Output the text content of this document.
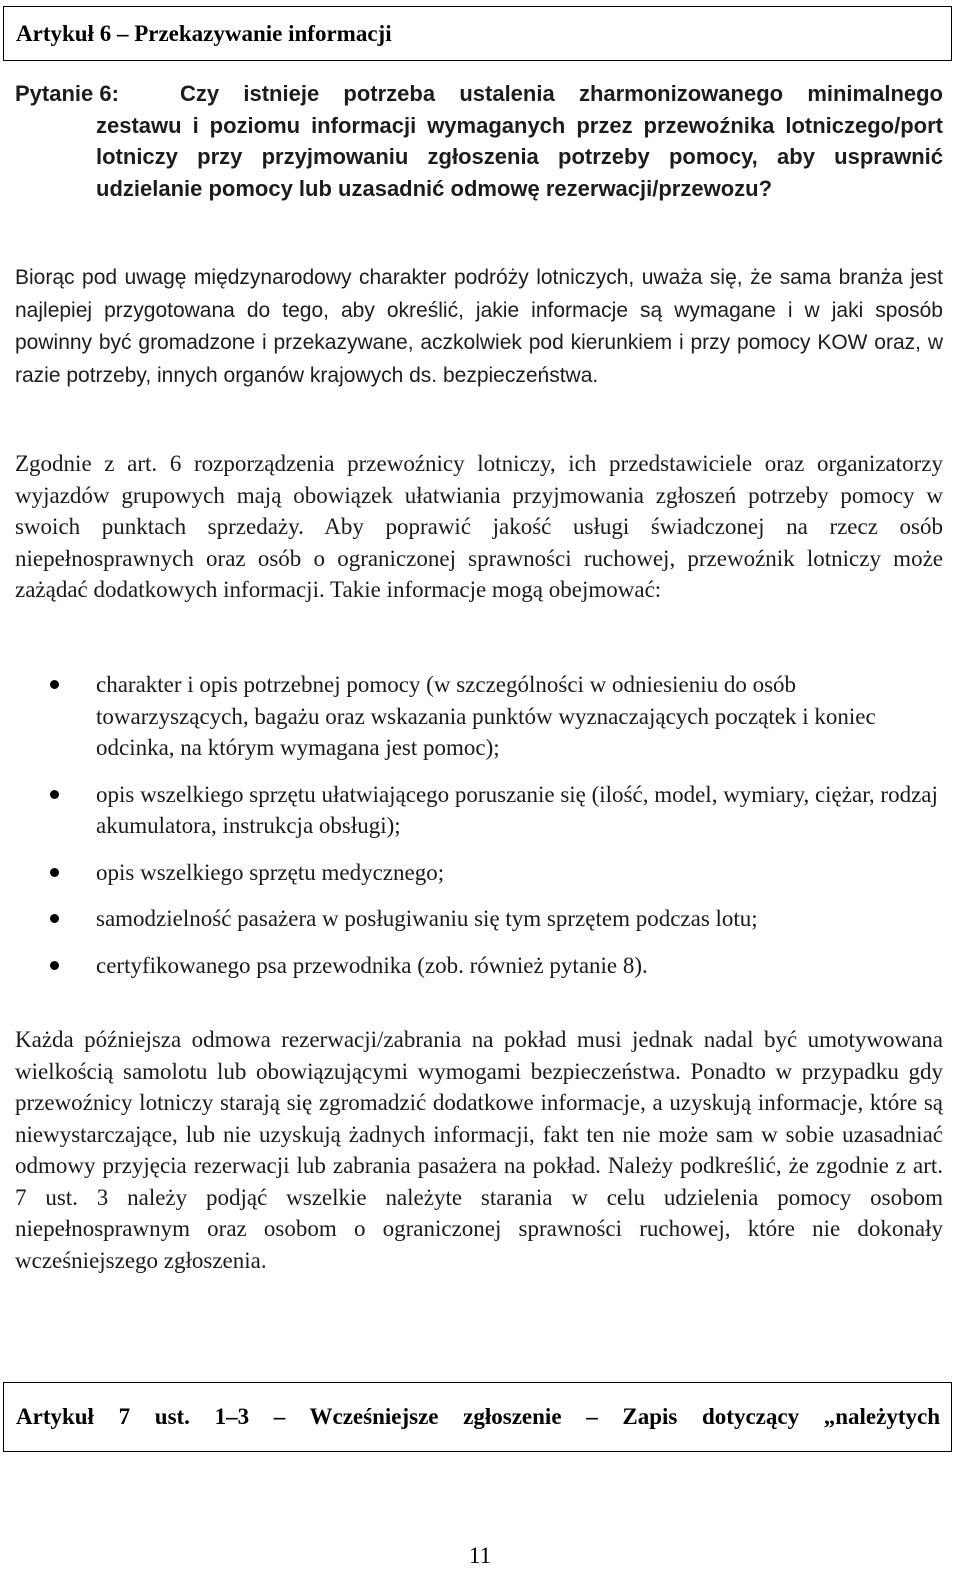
Artykuł 6 – Przekazywanie informacji
Pytanie 6:	Czy istnieje potrzeba ustalenia zharmonizowanego minimalnego zestawu i poziomu informacji wymaganych przez przewoźnika lotniczego/port lotniczy przy przyjmowaniu zgłoszenia potrzeby pomocy, aby usprawnić udzielanie pomocy lub uzasadnić odmowę rezerwacji/przewozu?
Biorąc pod uwagę międzynarodowy charakter podróży lotniczych, uważa się, że sama branża jest najlepiej przygotowana do tego, aby określić, jakie informacje są wymagane i w jaki sposób powinny być gromadzone i przekazywane, aczkolwiek pod kierunkiem i przy pomocy KOW oraz, w razie potrzeby, innych organów krajowych ds. bezpieczeństwa.
Zgodnie z art. 6 rozporządzenia przewoźnicy lotniczy, ich przedstawiciele oraz organizatorzy wyjazdów grupowych mają obowiązek ułatwiania przyjmowania zgłoszeń potrzeby pomocy w swoich punktach sprzedaży. Aby poprawić jakość usługi świadczonej na rzecz osób niepełnosprawnych oraz osób o ograniczonej sprawności ruchowej, przewoźnik lotniczy może zażądać dodatkowych informacji. Takie informacje mogą obejmować:
charakter i opis potrzebnej pomocy (w szczególności w odniesieniu do osób towarzyszących, bagażu oraz wskazania punktów wyznaczających początek i koniec odcinka, na którym wymagana jest pomoc);
opis wszelkiego sprzętu ułatwiającego poruszanie się (ilość, model, wymiary, ciężar, rodzaj akumulatora, instrukcja obsługi);
opis wszelkiego sprzętu medycznego;
samodzielność pasażera w posługiwaniu się tym sprzętem podczas lotu;
certyfikowanego psa przewodnika (zob. również pytanie 8).
Każda późniejsza odmowa rezerwacji/zabrania na pokład musi jednak nadal być umotywowana wielkością samolotu lub obowiązującymi wymogami bezpieczeństwa. Ponadto w przypadku gdy przewoźnicy lotniczy starają się zgromadzić dodatkowe informacje, a uzyskują informacje, które są niewystarczające, lub nie uzyskują żadnych informacji, fakt ten nie może sam w sobie uzasadniać odmowy przyjęcia rezerwacji lub zabrania pasażera na pokład. Należy podkreślić, że zgodnie z art. 7 ust. 3 należy podjąć wszelkie należyte starania w celu udzielenia pomocy osobom niepełnosprawnym oraz osobom o ograniczonej sprawności ruchowej, które nie dokonały wcześniejszego zgłoszenia.
Artykuł 7 ust. 1–3 – Wcześniejsze zgłoszenie – Zapis dotyczący „należytych
11
